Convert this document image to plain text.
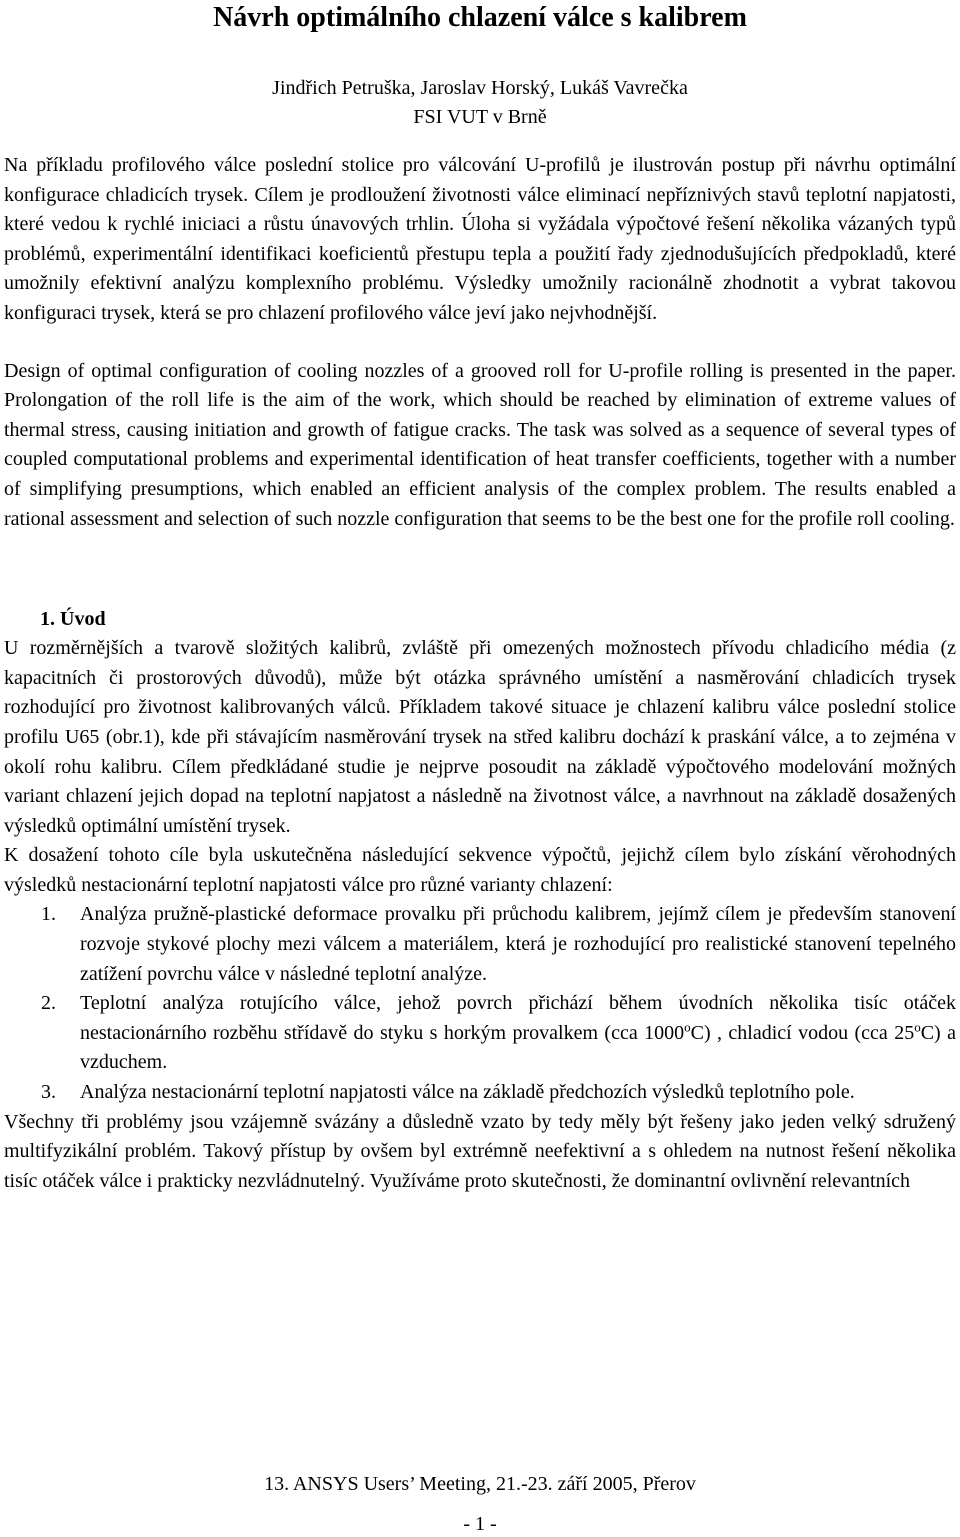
Návrh optimálního chlazení válce s kalibrem
Jindřich Petruška, Jaroslav Horský, Lukáš Vavrečka
FSI VUT v Brně

Na příkladu profilového válce poslední stolice pro válcování U-profilů je ilustrován postup při návrhu optimální konfigurace chladicích trysek. Cílem je prodloužení životnosti válce eliminací nepříznivých stavů teplotní napjatosti, které vedou k rychlé iniciaci a růstu únavových trhlin. Úloha si vyžádala výpočtové řešení několika vázaných typů problémů, experimentální identifikaci koeficientů přestupu tepla a použití řady zjednodušujících předpokladů, které umožnily efektivní analýzu komplexního problému. Výsledky umožnily racionálně zhodnotit a vybrat takovou konfiguraci trysek, která se pro chlazení profilového válce jeví jako nejvhodnější.

Design of optimal configuration of cooling nozzles of a grooved roll for U-profile rolling is presented in the paper. Prolongation of the roll life is the aim of the work, which should be reached by elimination of extreme values of thermal stress, causing initiation and growth of fatigue cracks. The task was solved as a sequence of several types of coupled computational problems and experimental identification of heat transfer coefficients, together with a number of simplifying presumptions, which enabled an efficient analysis of the complex problem. The results enabled a rational assessment and selection of such nozzle configuration that seems to be the best one for the profile roll cooling.

1. Úvod

U rozměrnějších a tvarově složitých kalibrů, zvláště při omezených možnostech přívodu chladicího média (z kapacitních či prostorových důvodů), může být otázka správného umístění a nasměrování chladicích trysek rozhodující pro životnost kalibrovaných válců. Příkladem takové situace je chlazení kalibru válce poslední stolice profilu U65 (obr.1), kde při stávajícím nasměrování trysek na střed kalibru dochází k praskání válce, a to zejména v okolí rohu kalibru. Cílem předkládané studie je nejprve posoudit na základě výpočtového modelování možných variant chlazení jejich dopad na teplotní napjatost a následně na životnost válce, a navrhnout na základě dosažených výsledků optimální umístění trysek.

K dosažení tohoto cíle byla uskutečněna následující sekvence výpočtů, jejichž cílem bylo získání věrohodných výsledků nestacionární teplotní napjatosti válce pro různé varianty chlazení:

1.	Analýza pružně-plastické deformace provalku při průchodu kalibrem, jejímž cílem je především stanovení rozvoje stykové plochy mezi válcem a materiálem, která je rozhodující pro realistické stanovení tepelného zatížení povrchu válce v následné teplotní analýze.
2.	Teplotní analýza rotujícího válce, jehož povrch přichází během úvodních několika tisíc otáček nestacionárního rozběhu střídavě do styku s horkým provalkem (cca 1000$^o$C) , chladicí vodou (cca 25$^o$C) a vzduchem.
3.	Analýza nestacionární teplotní napjatosti válce na základě předchozích výsledků teplotního pole.

Všechny tři problémy jsou vzájemně svázány a důsledně vzato by tedy měly být řešeny jako jeden velký sdružený multifyzikální problém. Takový přístup by ovšem byl extrémně neefektivní a s ohledem na nutnost řešení několika tisíc otáček válce i prakticky nezvládnutelný. Využíváme proto skutečnosti, že dominantní ovlivnění relevantních

13. ANSYS Users’ Meeting, 21.-23. září 2005, Přerov
- 1 -
